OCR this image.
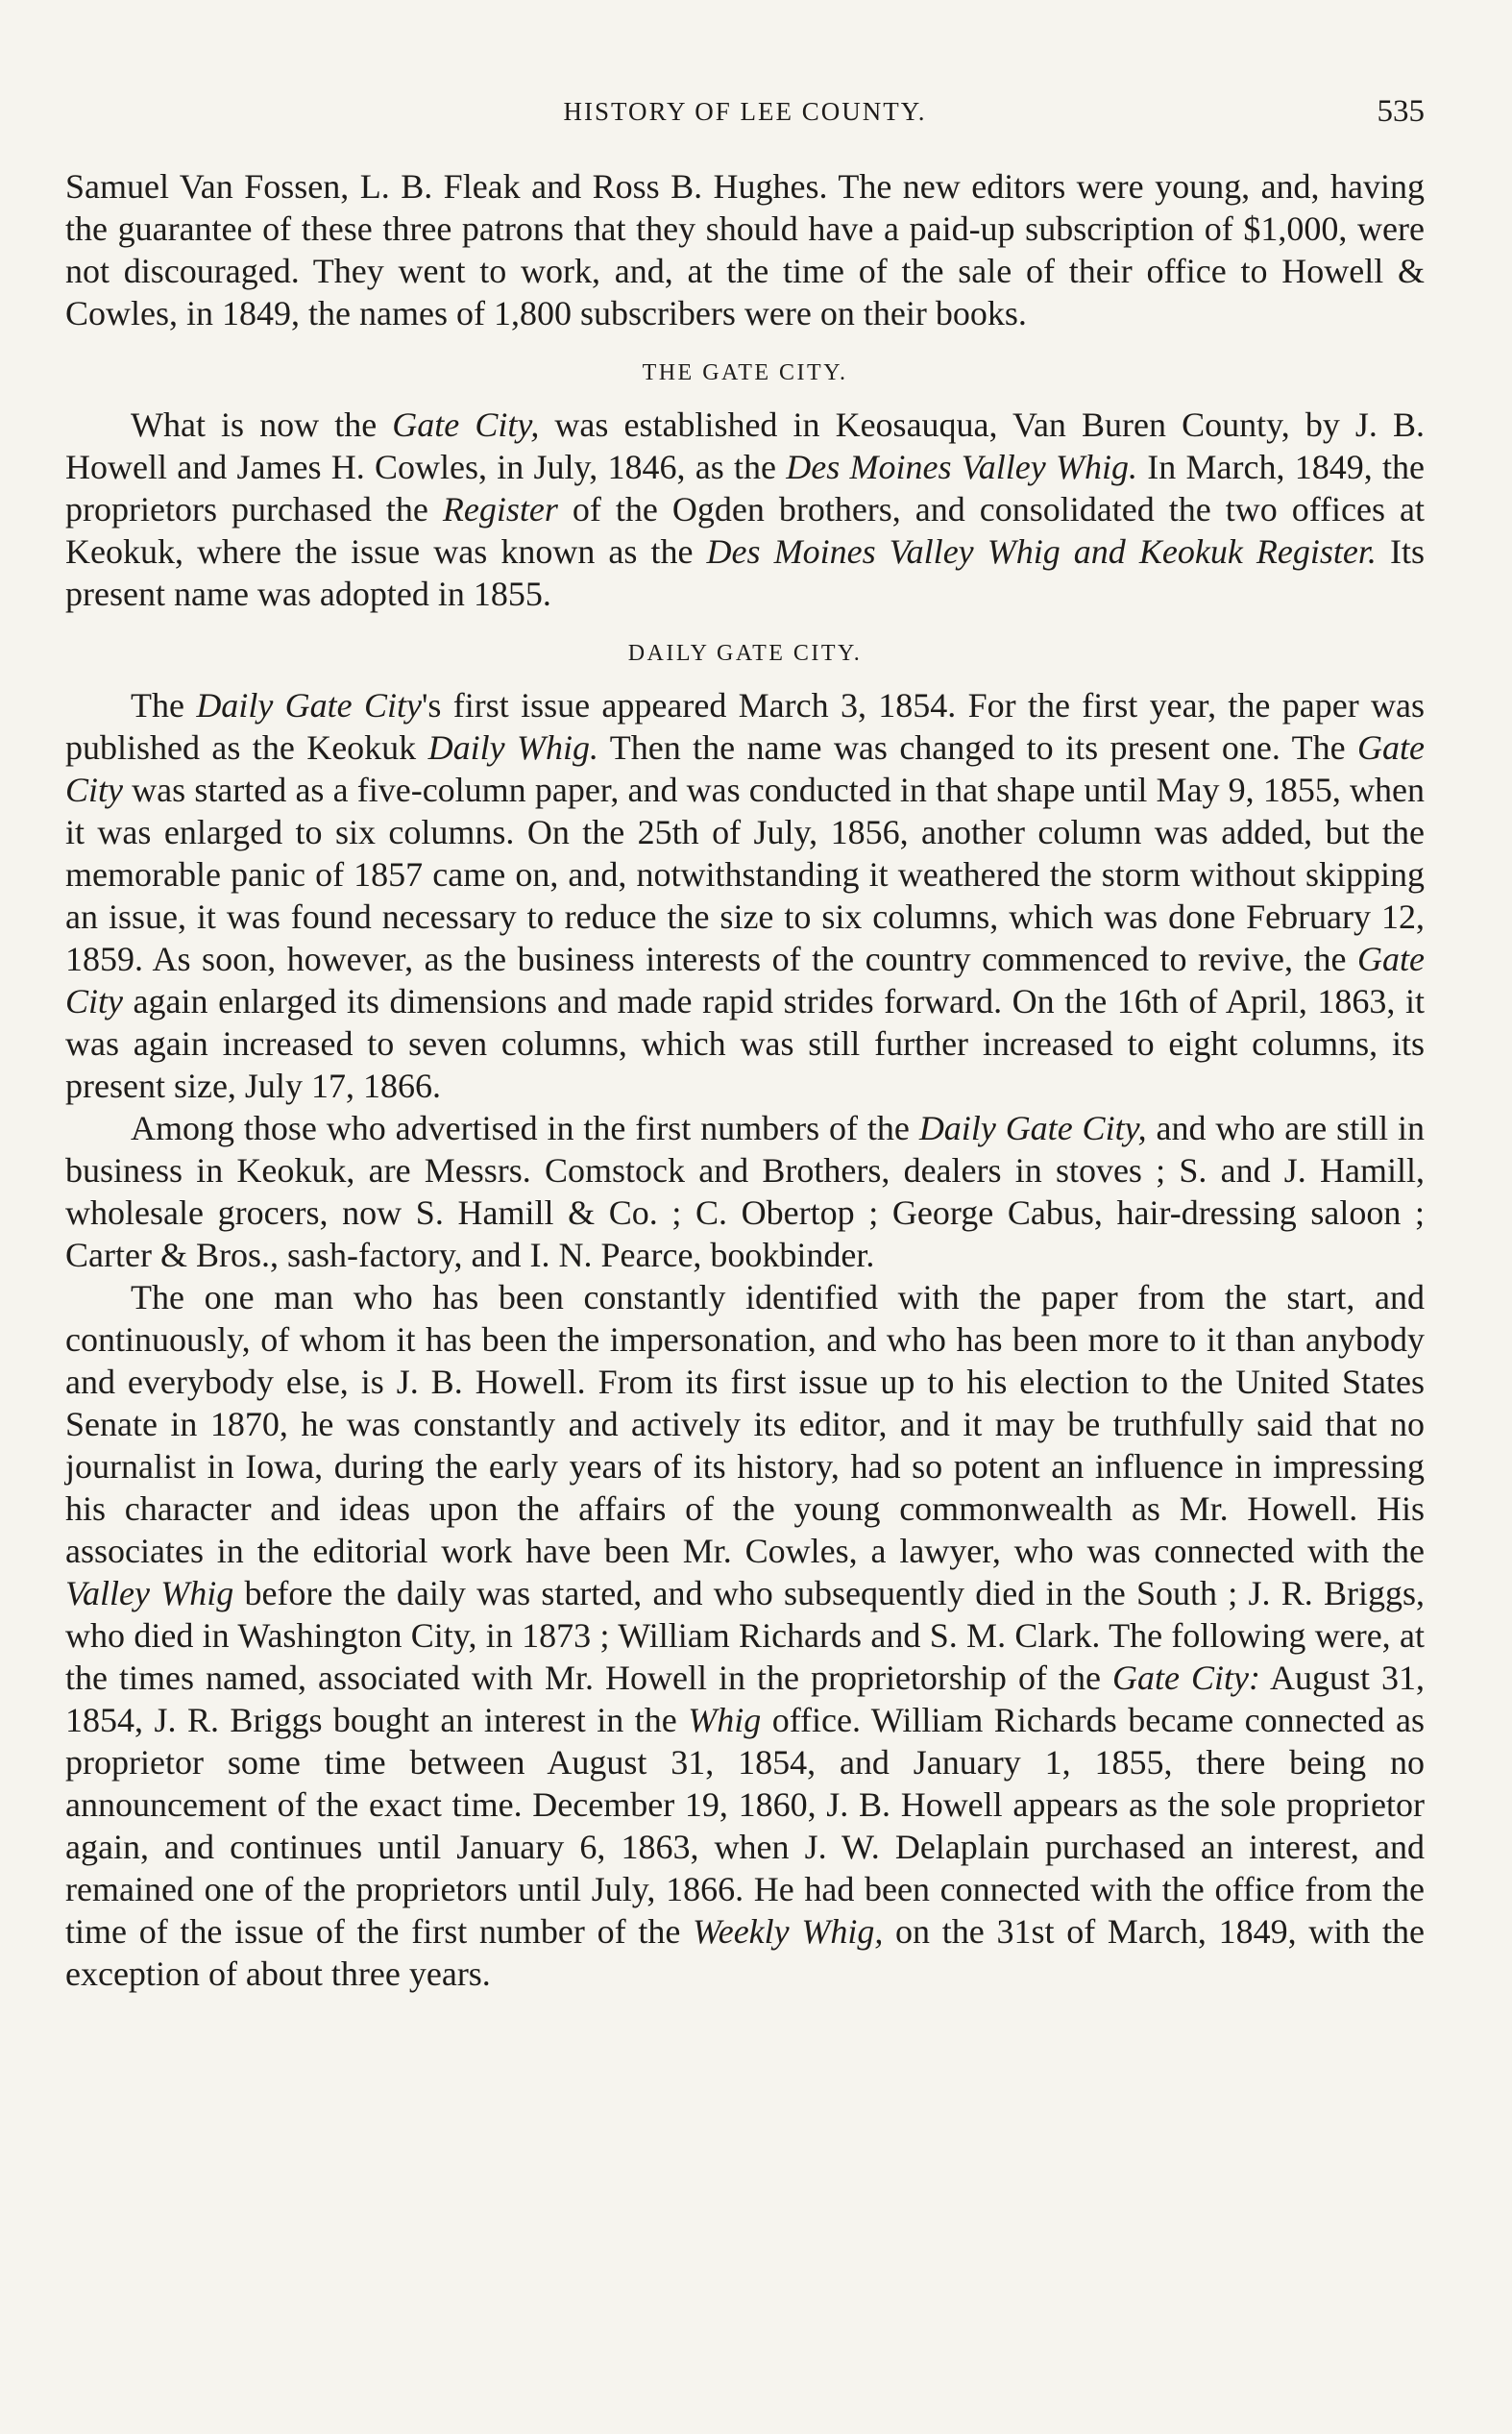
HISTORY OF LEE COUNTY.	535

Samuel Van Fossen, L. B. Fleak and Ross B. Hughes. The new editors were young, and, having the guarantee of these three patrons that they should have a paid-up subscription of $1,000, were not discouraged. They went to work, and, at the time of the sale of their office to Howell & Cowles, in 1849, the names of 1,800 subscribers were on their books.

THE GATE CITY.

What is now the Gate City, was established in Keosauqua, Van Buren County, by J. B. Howell and James H. Cowles, in July, 1846, as the Des Moines Valley Whig. In March, 1849, the proprietors purchased the Register of the Ogden brothers, and consolidated the two offices at Keokuk, where the issue was known as the Des Moines Valley Whig and Keokuk Register. Its present name was adopted in 1855.

DAILY GATE CITY.

The Daily Gate City's first issue appeared March 3, 1854. For the first year, the paper was published as the Keokuk Daily Whig. Then the name was changed to its present one. The Gate City was started as a five-column paper, and was conducted in that shape until May 9, 1855, when it was enlarged to six columns. On the 25th of July, 1856, another column was added, but the memorable panic of 1857 came on, and, notwithstanding it weathered the storm without skipping an issue, it was found necessary to reduce the size to six columns, which was done February 12, 1859. As soon, however, as the business interests of the country commenced to revive, the Gate City again enlarged its dimensions and made rapid strides forward. On the 16th of April, 1863, it was again increased to seven columns, which was still further increased to eight columns, its present size, July 17, 1866.

Among those who advertised in the first numbers of the Daily Gate City, and who are still in business in Keokuk, are Messrs. Comstock and Brothers, dealers in stoves ; S. and J. Hamill, wholesale grocers, now S. Hamill & Co. ; C. Obertop ; George Cabus, hair-dressing saloon ; Carter & Bros., sash-factory, and I. N. Pearce, bookbinder.

The one man who has been constantly identified with the paper from the start, and continuously, of whom it has been the impersonation, and who has been more to it than anybody and everybody else, is J. B. Howell. From its first issue up to his election to the United States Senate in 1870, he was constantly and actively its editor, and it may be truthfully said that no journalist in Iowa, during the early years of its history, had so potent an influence in impressing his character and ideas upon the affairs of the young commonwealth as Mr. Howell. His associates in the editorial work have been Mr. Cowles, a lawyer, who was connected with the Valley Whig before the daily was started, and who subsequently died in the South ; J. R. Briggs, who died in Washington City, in 1873 ; William Richards and S. M. Clark. The following were, at the times named, associated with Mr. Howell in the proprietorship of the Gate City: August 31, 1854, J. R. Briggs bought an interest in the Whig office. William Richards became connected as proprietor some time between August 31, 1854, and January 1, 1855, there being no announcement of the exact time. December 19, 1860, J. B. Howell appears as the sole proprietor again, and continues until January 6, 1863, when J. W. Delaplain purchased an interest, and remained one of the proprietors until July, 1866. He had been connected with the office from the time of the issue of the first number of the Weekly Whig, on the 31st of March, 1849, with the exception of about three years.
